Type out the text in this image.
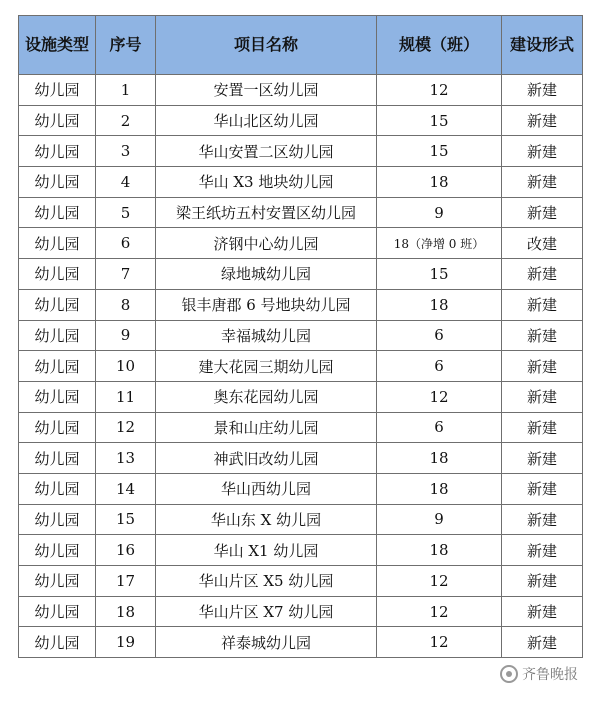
设施类型	序号	项目名称	规模（班）	建设形式
幼儿园	1	安置一区幼儿园	12	新建
幼儿园	2	华山北区幼儿园	15	新建
幼儿园	3	华山安置二区幼儿园	15	新建
幼儿园	4	华山 X3 地块幼儿园	18	新建
幼儿园	5	梁王纸坊五村安置区幼儿园	9	新建
幼儿园	6	济钢中心幼儿园	18（净增 0 班）	改建
幼儿园	7	绿地城幼儿园	15	新建
幼儿园	8	银丰唐郡 6 号地块幼儿园	18	新建
幼儿园	9	幸福城幼儿园	6	新建
幼儿园	10	建大花园三期幼儿园	6	新建
幼儿园	11	奥东花园幼儿园	12	新建
幼儿园	12	景和山庄幼儿园	6	新建
幼儿园	13	神武旧改幼儿园	18	新建
幼儿园	14	华山西幼儿园	18	新建
幼儿园	15	华山东 X 幼儿园	9	新建
幼儿园	16	华山 X1 幼儿园	18	新建
幼儿园	17	华山片区 X5 幼儿园	12	新建
幼儿园	18	华山片区 X7 幼儿园	12	新建
幼儿园	19	祥泰城幼儿园	12	新建
齐鲁晚报
